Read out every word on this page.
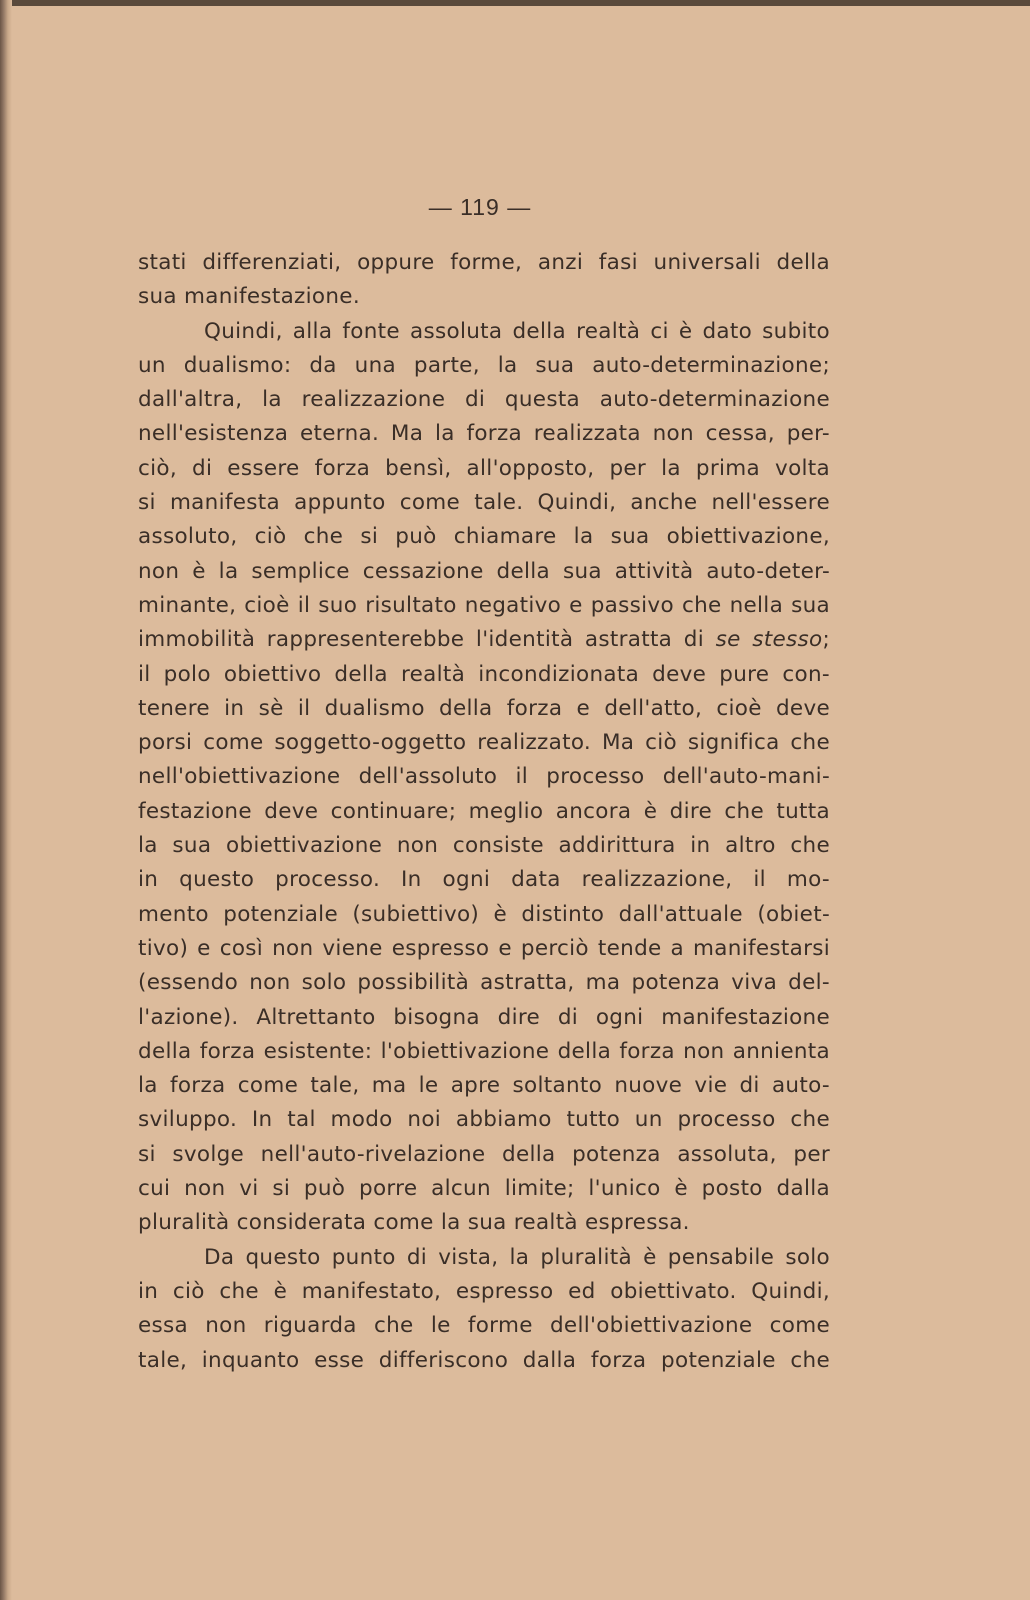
— 119 —
stati differenziati, oppure forme, anzi fasi universali della
sua manifestazione.
Quindi, alla fonte assoluta della realtà ci è dato subito
un dualismo: da una parte, la sua auto-determinazione;
dall'altra, la realizzazione di questa auto-determinazione
nell'esistenza eterna. Ma la forza realizzata non cessa, per-
ciò, di essere forza bensì, all'opposto, per la prima volta
si manifesta appunto come tale. Quindi, anche nell'essere
assoluto, ciò che si può chiamare la sua obiettivazione,
non è la semplice cessazione della sua attività auto-deter-
minante, cioè il suo risultato negativo e passivo che nella sua
immobilità rappresenterebbe l'identità astratta di se stesso;
il polo obiettivo della realtà incondizionata deve pure con-
tenere in sè il dualismo della forza e dell'atto, cioè deve
porsi come soggetto-oggetto realizzato. Ma ciò significa che
nell'obiettivazione dell'assoluto il processo dell'auto-mani-
festazione deve continuare; meglio ancora è dire che tutta
la sua obiettivazione non consiste addirittura in altro che
in questo processo. In ogni data realizzazione, il mo-
mento potenziale (subiettivo) è distinto dall'attuale (obiet-
tivo) e così non viene espresso e perciò tende a manifestarsi
(essendo non solo possibilità astratta, ma potenza viva del-
l'azione). Altrettanto bisogna dire di ogni manifestazione
della forza esistente: l'obiettivazione della forza non annienta
la forza come tale, ma le apre soltanto nuove vie di auto-
sviluppo. In tal modo noi abbiamo tutto un processo che
si svolge nell'auto-rivelazione della potenza assoluta, per
cui non vi si può porre alcun limite; l'unico è posto dalla
pluralità considerata come la sua realtà espressa.
Da questo punto di vista, la pluralità è pensabile solo
in ciò che è manifestato, espresso ed obiettivato. Quindi,
essa non riguarda che le forme dell'obiettivazione come
tale, inquanto esse differiscono dalla forza potenziale che
